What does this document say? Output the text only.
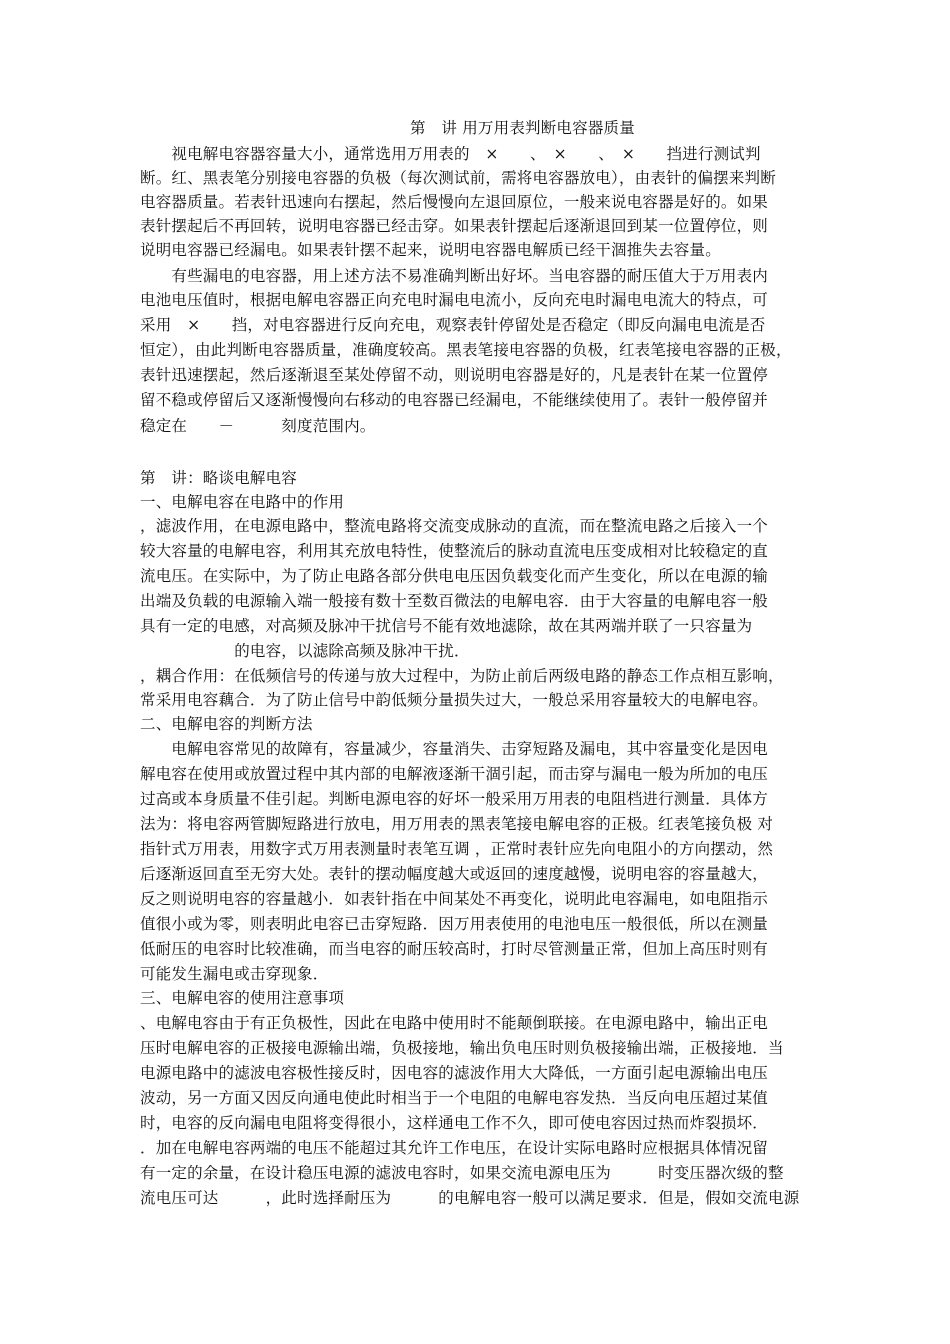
第　讲 用万用表判断电容器质量
　　视电解电容器容量大小，通常选用万用表的　×　　、　×　　、　×　　挡进行测试判
断。红、黑表笔分别接电容器的负极（每次测试前，需将电容器放电），由表针的偏摆来判断
电容器质量。若表针迅速向右摆起，然后慢慢向左退回原位，一般来说电容器是好的。如果
表针摆起后不再回转，说明电容器已经击穿。如果表针摆起后逐渐退回到某一位置停位，则
说明电容器已经漏电。如果表针摆不起来，说明电容器电解质已经干涸推失去容量。
　　有些漏电的电容器，用上述方法不易准确判断出好坏。当电容器的耐压值大于万用表内
电池电压值时，根据电解电容器正向充电时漏电电流小，反向充电时漏电电流大的特点，可
采用　×　　挡，对电容器进行反向充电，观察表针停留处是否稳定（即反向漏电电流是否
恒定），由此判断电容器质量，准确度较高。黑表笔接电容器的负极，红表笔接电容器的正极，
表针迅速摆起，然后逐渐退至某处停留不动，则说明电容器是好的，凡是表针在某一位置停
留不稳或停留后又逐渐慢慢向右移动的电容器已经漏电，不能继续使用了。表针一般停留并
稳定在　　－　　　刻度范围内。
第　讲：略谈电解电容
一、电解电容在电路中的作用
，滤波作用，在电源电路中，整流电路将交流变成脉动的直流，而在整流电路之后接入一个
较大容量的电解电容，利用其充放电特性，使整流后的脉动直流电压变成相对比较稳定的直
流电压。在实际中，为了防止电路各部分供电电压因负载变化而产生变化，所以在电源的输
出端及负载的电源输入端一般接有数十至数百微法的电解电容．由于大容量的电解电容一般
具有一定的电感，对高频及脉冲干扰信号不能有效地滤除，故在其两端并联了一只容量为
　　　　　　的电容，以滤除高频及脉冲干扰．
，耦合作用：在低频信号的传递与放大过程中，为防止前后两级电路的静态工作点相互影响，
常采用电容藕合．为了防止信号中韵低频分量损失过大，一般总采用容量较大的电解电容。
二、电解电容的判断方法
　　电解电容常见的故障有，容量减少，容量消失、击穿短路及漏电，其中容量变化是因电
解电容在使用或放置过程中其内部的电解液逐渐干涸引起，而击穿与漏电一般为所加的电压
过高或本身质量不佳引起。判断电源电容的好坏一般采用万用表的电阻档进行测量．具体方
法为：将电容两管脚短路进行放电，用万用表的黑表笔接电解电容的正极。红表笔接负极 对
指针式万用表，用数字式万用表测量时表笔互调 ，正常时表针应先向电阻小的方向摆动，然
后逐渐返回直至无穷大处。表针的摆动幅度越大或返回的速度越慢，说明电容的容量越大，
反之则说明电容的容量越小．如表针指在中间某处不再变化，说明此电容漏电，如电阻指示
值很小或为零，则表明此电容已击穿短路．因万用表使用的电池电压一般很低，所以在测量
低耐压的电容时比较准确，而当电容的耐压较高时，打时尽管测量正常，但加上高压时则有
可能发生漏电或击穿现象．
三、电解电容的使用注意事项
、电解电容由于有正负极性，因此在电路中使用时不能颠倒联接。在电源电路中，输出正电
压时电解电容的正极接电源输出端，负极接地，输出负电压时则负极接输出端，正极接地．当
电源电路中的滤波电容极性接反时，因电容的滤波作用大大降低，一方面引起电源输出电压
波动，另一方面又因反向通电使此时相当于一个电阻的电解电容发热．当反向电压超过某值
时，电容的反向漏电电阻将变得很小，这样通电工作不久，即可使电容因过热而炸裂损坏．
．加在电解电容两端的电压不能超过其允许工作电压，在设计实际电路时应根据具体情况留
有一定的余量，在设计稳压电源的滤波电容时，如果交流电源电压为　　　时变压器次级的整
流电压可达　　　，此时选择耐压为　　　的电解电容一般可以满足要求．但是，假如交流电源
